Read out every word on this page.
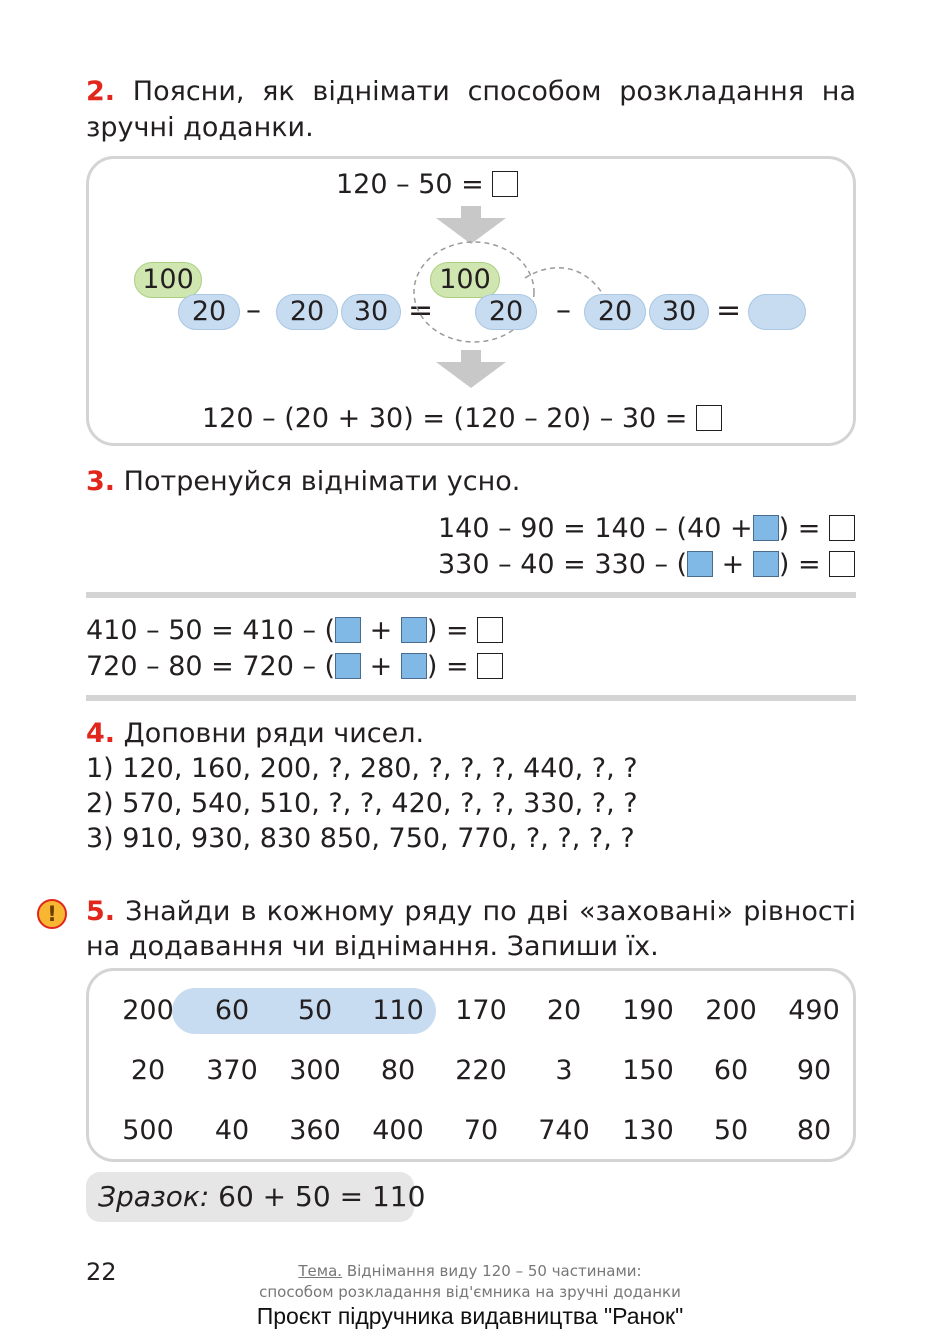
2. Поясни, як віднімати способом розкладання на
зручні доданки.
120 – 50 =
100
20 –	20	30 =
100
20	– 20	30 =
120 – (20 + 30) = (120 – 20) – 30 =
3. Потренуйся віднімати усно.
140 – 90 = 140 – (40 + ) =
330 – 40 = 330 – ( + ) =
410 – 50 = 410 – ( + ) =
720 – 80 = 720 – ( + ) =
4. Доповни ряди чисел.
1) 120, 160, 200, ?, 280, ?, ?, ?, 440, ?, ?
2) 570, 540, 510, ?, ?, 420, ?, ?, 330, ?, ?
3) 910, 930, 830 850, 750, 770, ?, ?, ?, ?
!	5. Знайди в кожному ряду по дві «заховані» рівності
на додавання чи віднімання. Запиши їх.
200	60	50	110	170	20	190	200	490
20	370	300	80	220	3	150	60	90
500	40	360	400	70	740	130	50	80
Зразок: 60 + 50 = 110
22	Тема. Віднімання виду 120 – 50 частинами:
способом розкладання від'ємника на зручні доданки
Проєкт підручника видавництва "Ранок"
